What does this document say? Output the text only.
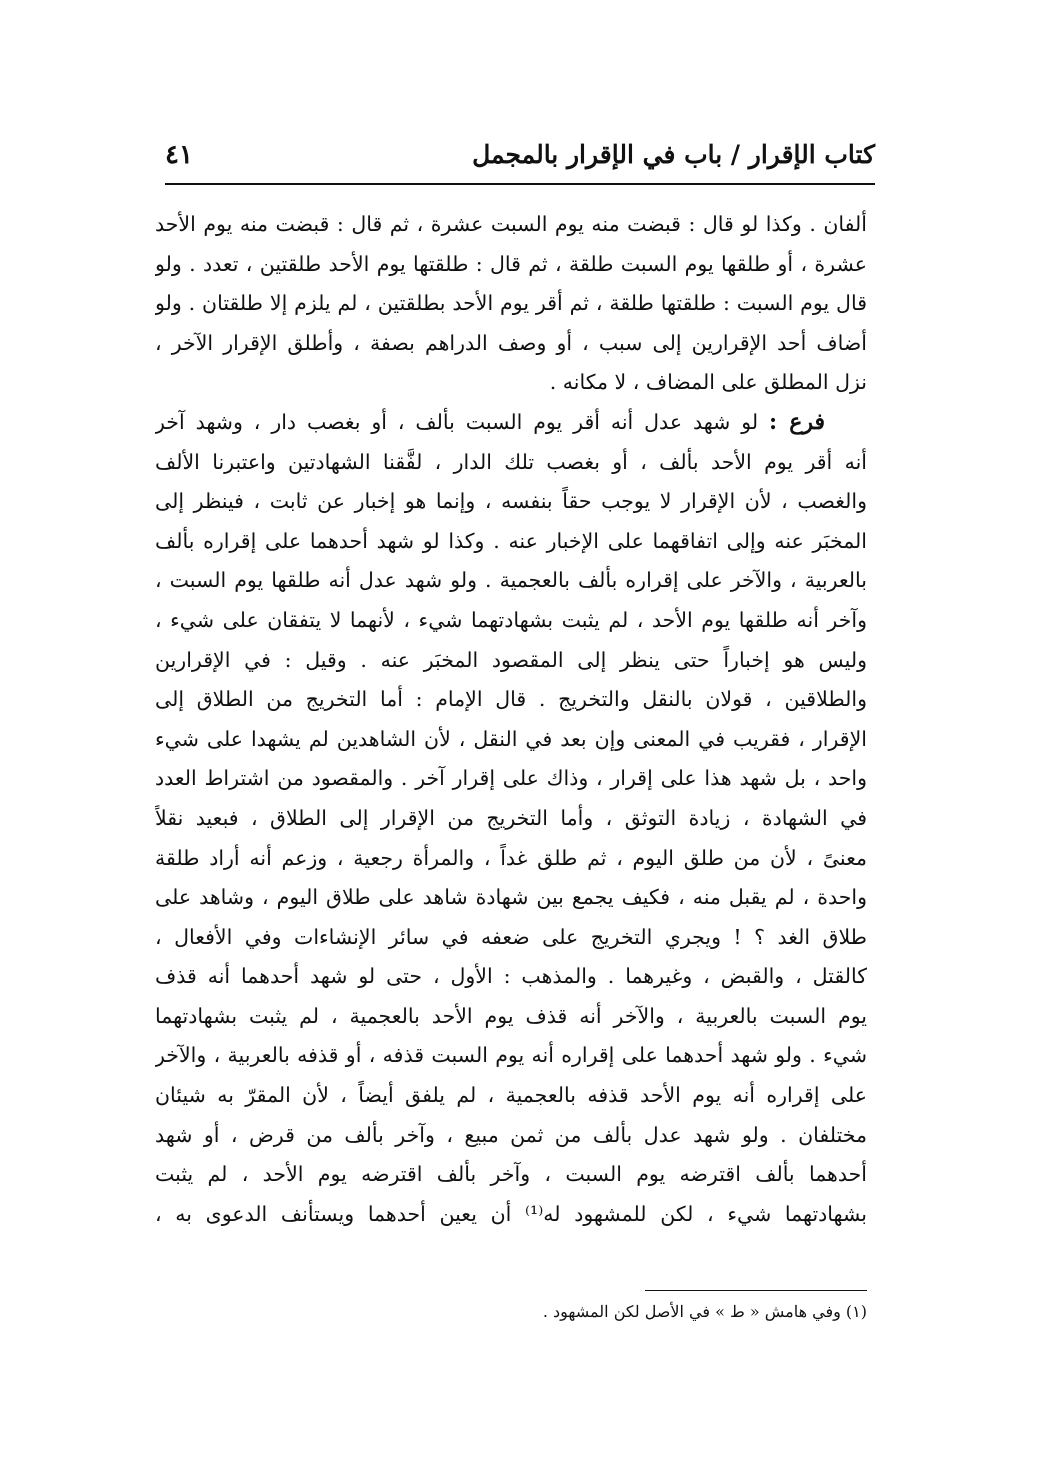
كتاب الإقرار / باب في الإقرار بالمجمل
٤١
ألفان . وكذا لو قال : قبضت منه يوم السبت عشرة ، ثم قال : قبضت منه يوم الأحد
عشرة ، أو طلقها يوم السبت طلقة ، ثم قال : طلقتها يوم الأحد طلقتين ، تعدد . ولو
قال يوم السبت : طلقتها طلقة ، ثم أقر يوم الأحد بطلقتين ، لم يلزم إلا طلقتان . ولو
أضاف أحد الإقرارين إلى سبب ، أو وصف الدراهم بصفة ، وأطلق الإقرار الآخر ،
نزل المطلق على المضاف ، لا مكانه .
فرع : لو شهد عدل أنه أقر يوم السبت بألف ، أو بغصب دار ، وشهد آخر
أنه أقر يوم الأحد بألف ، أو بغصب تلك الدار ، لفَّقنا الشهادتين واعتبرنا الألف
والغصب ، لأن الإقرار لا يوجب حقاً بنفسه ، وإنما هو إخبار عن ثابت ، فينظر إلى
المخبَر عنه وإلى اتفاقهما على الإخبار عنه . وكذا لو شهد أحدهما على إقراره بألف
بالعربية ، والآخر على إقراره بألف بالعجمية . ولو شهد عدل أنه طلقها يوم السبت ،
وآخر أنه طلقها يوم الأحد ، لم يثبت بشهادتهما شيء ، لأنهما لا يتفقان على شيء ،
وليس هو إخباراً حتى ينظر إلى المقصود المخبَر عنه . وقيل : في الإقرارين
والطلاقين ، قولان بالنقل والتخريج . قال الإمام : أما التخريج من الطلاق إلى
الإقرار ، فقريب في المعنى وإن بعد في النقل ، لأن الشاهدين لم يشهدا على شيء
واحد ، بل شهد هذا على إقرار ، وذاك على إقرار آخر . والمقصود من اشتراط العدد
في الشهادة ، زيادة التوثق ، وأما التخريج من الإقرار إلى الطلاق ، فبعيد نقلاً
معنىً ، لأن من طلق اليوم ، ثم طلق غداً ، والمرأة رجعية ، وزعم أنه أراد طلقة
واحدة ، لم يقبل منه ، فكيف يجمع بين شهادة شاهد على طلاق اليوم ، وشاهد على
طلاق الغد ؟ ! ويجري التخريج على ضعفه في سائر الإنشاءات وفي الأفعال ،
كالقتل ، والقبض ، وغيرهما . والمذهب : الأول ، حتى لو شهد أحدهما أنه قذف
يوم السبت بالعربية ، والآخر أنه قذف يوم الأحد بالعجمية ، لم يثبت بشهادتهما
شيء . ولو شهد أحدهما على إقراره أنه يوم السبت قذفه ، أو قذفه بالعربية ، والآخر
على إقراره أنه يوم الأحد قذفه بالعجمية ، لم يلفق أيضاً ، لأن المقرّ به شيئان
مختلفان . ولو شهد عدل بألف من ثمن مبيع ، وآخر بألف من قرض ، أو شهد
أحدهما بألف اقترضه يوم السبت ، وآخر بألف اقترضه يوم الأحد ، لم يثبت
بشهادتهما شيء ، لكن للمشهود له⁽¹⁾ أن يعين أحدهما ويستأنف الدعوى به ،
(١) وفي هامش « ط » في الأصل لكن المشهود .
